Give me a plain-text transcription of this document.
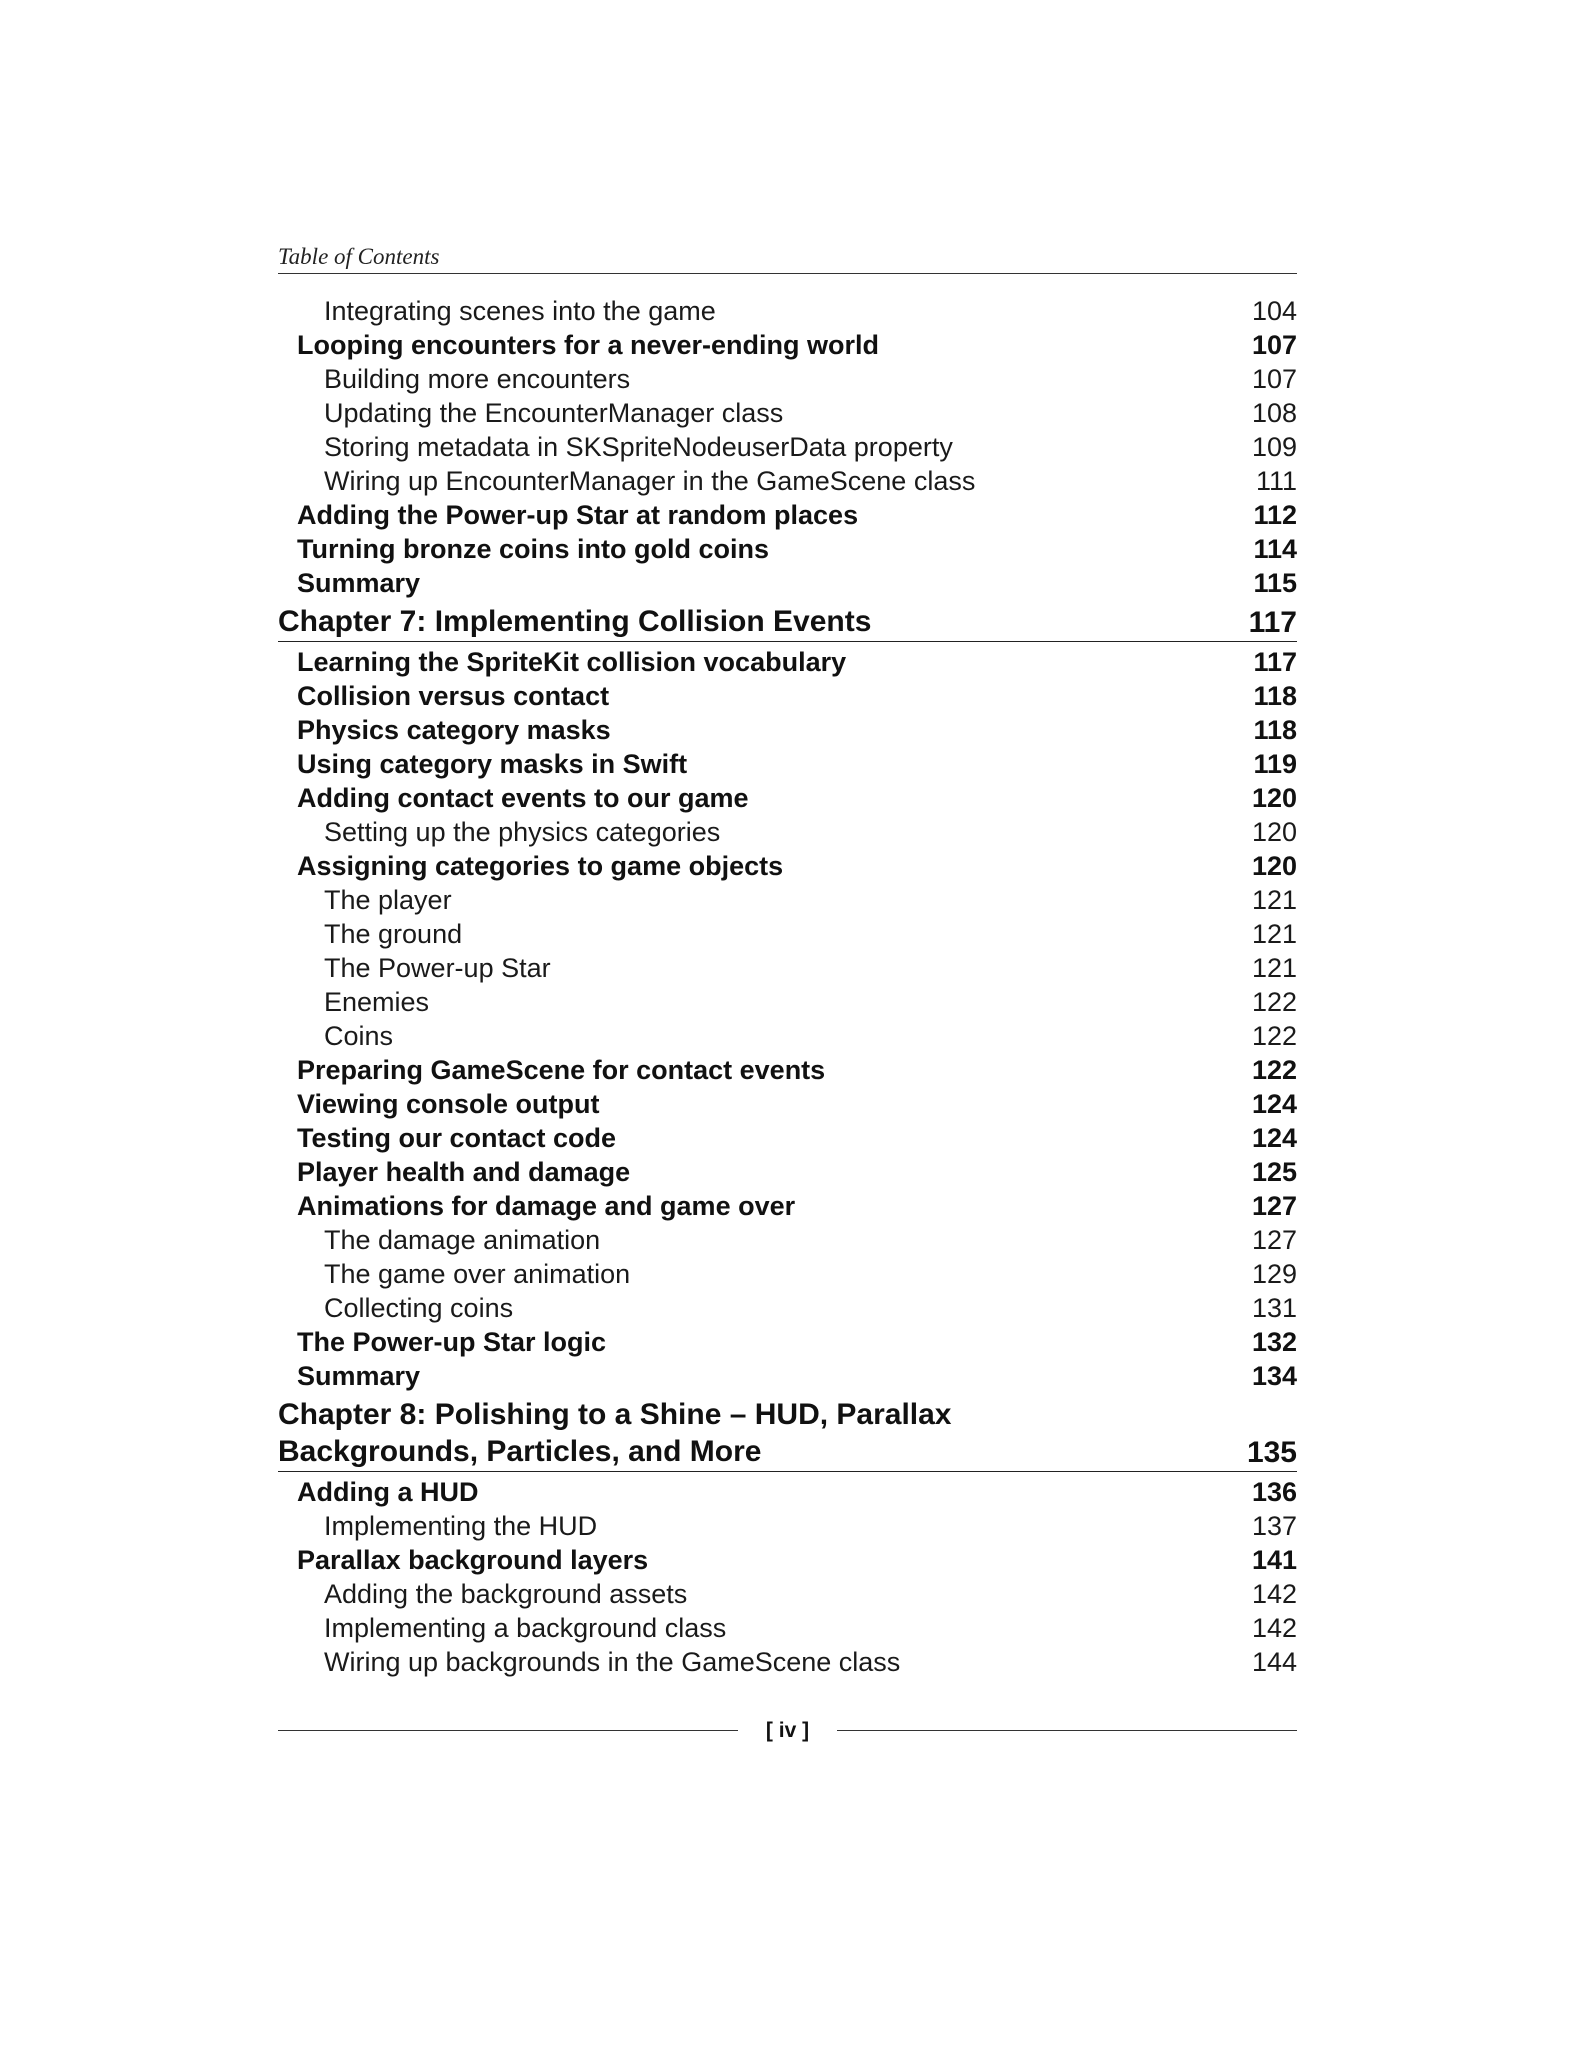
Table of Contents
Integrating scenes into the game	104
Looping encounters for a never-ending world	107
Building more encounters	107
Updating the EncounterManager class	108
Storing metadata in SKSpriteNodeuserData property	109
Wiring up EncounterManager in the GameScene class	111
Adding the Power-up Star at random places	112
Turning bronze coins into gold coins	114
Summary	115
Chapter 7: Implementing Collision Events	117
Learning the SpriteKit collision vocabulary	117
Collision versus contact	118
Physics category masks	118
Using category masks in Swift	119
Adding contact events to our game	120
Setting up the physics categories	120
Assigning categories to game objects	120
The player	121
The ground	121
The Power-up Star	121
Enemies	122
Coins	122
Preparing GameScene for contact events	122
Viewing console output	124
Testing our contact code	124
Player health and damage	125
Animations for damage and game over	127
The damage animation	127
The game over animation	129
Collecting coins	131
The Power-up Star logic	132
Summary	134
Chapter 8: Polishing to a Shine – HUD, Parallax
Backgrounds, Particles, and More	135
Adding a HUD	136
Implementing the HUD	137
Parallax background layers	141
Adding the background assets	142
Implementing a background class	142
Wiring up backgrounds in the GameScene class	144
[ iv ]
